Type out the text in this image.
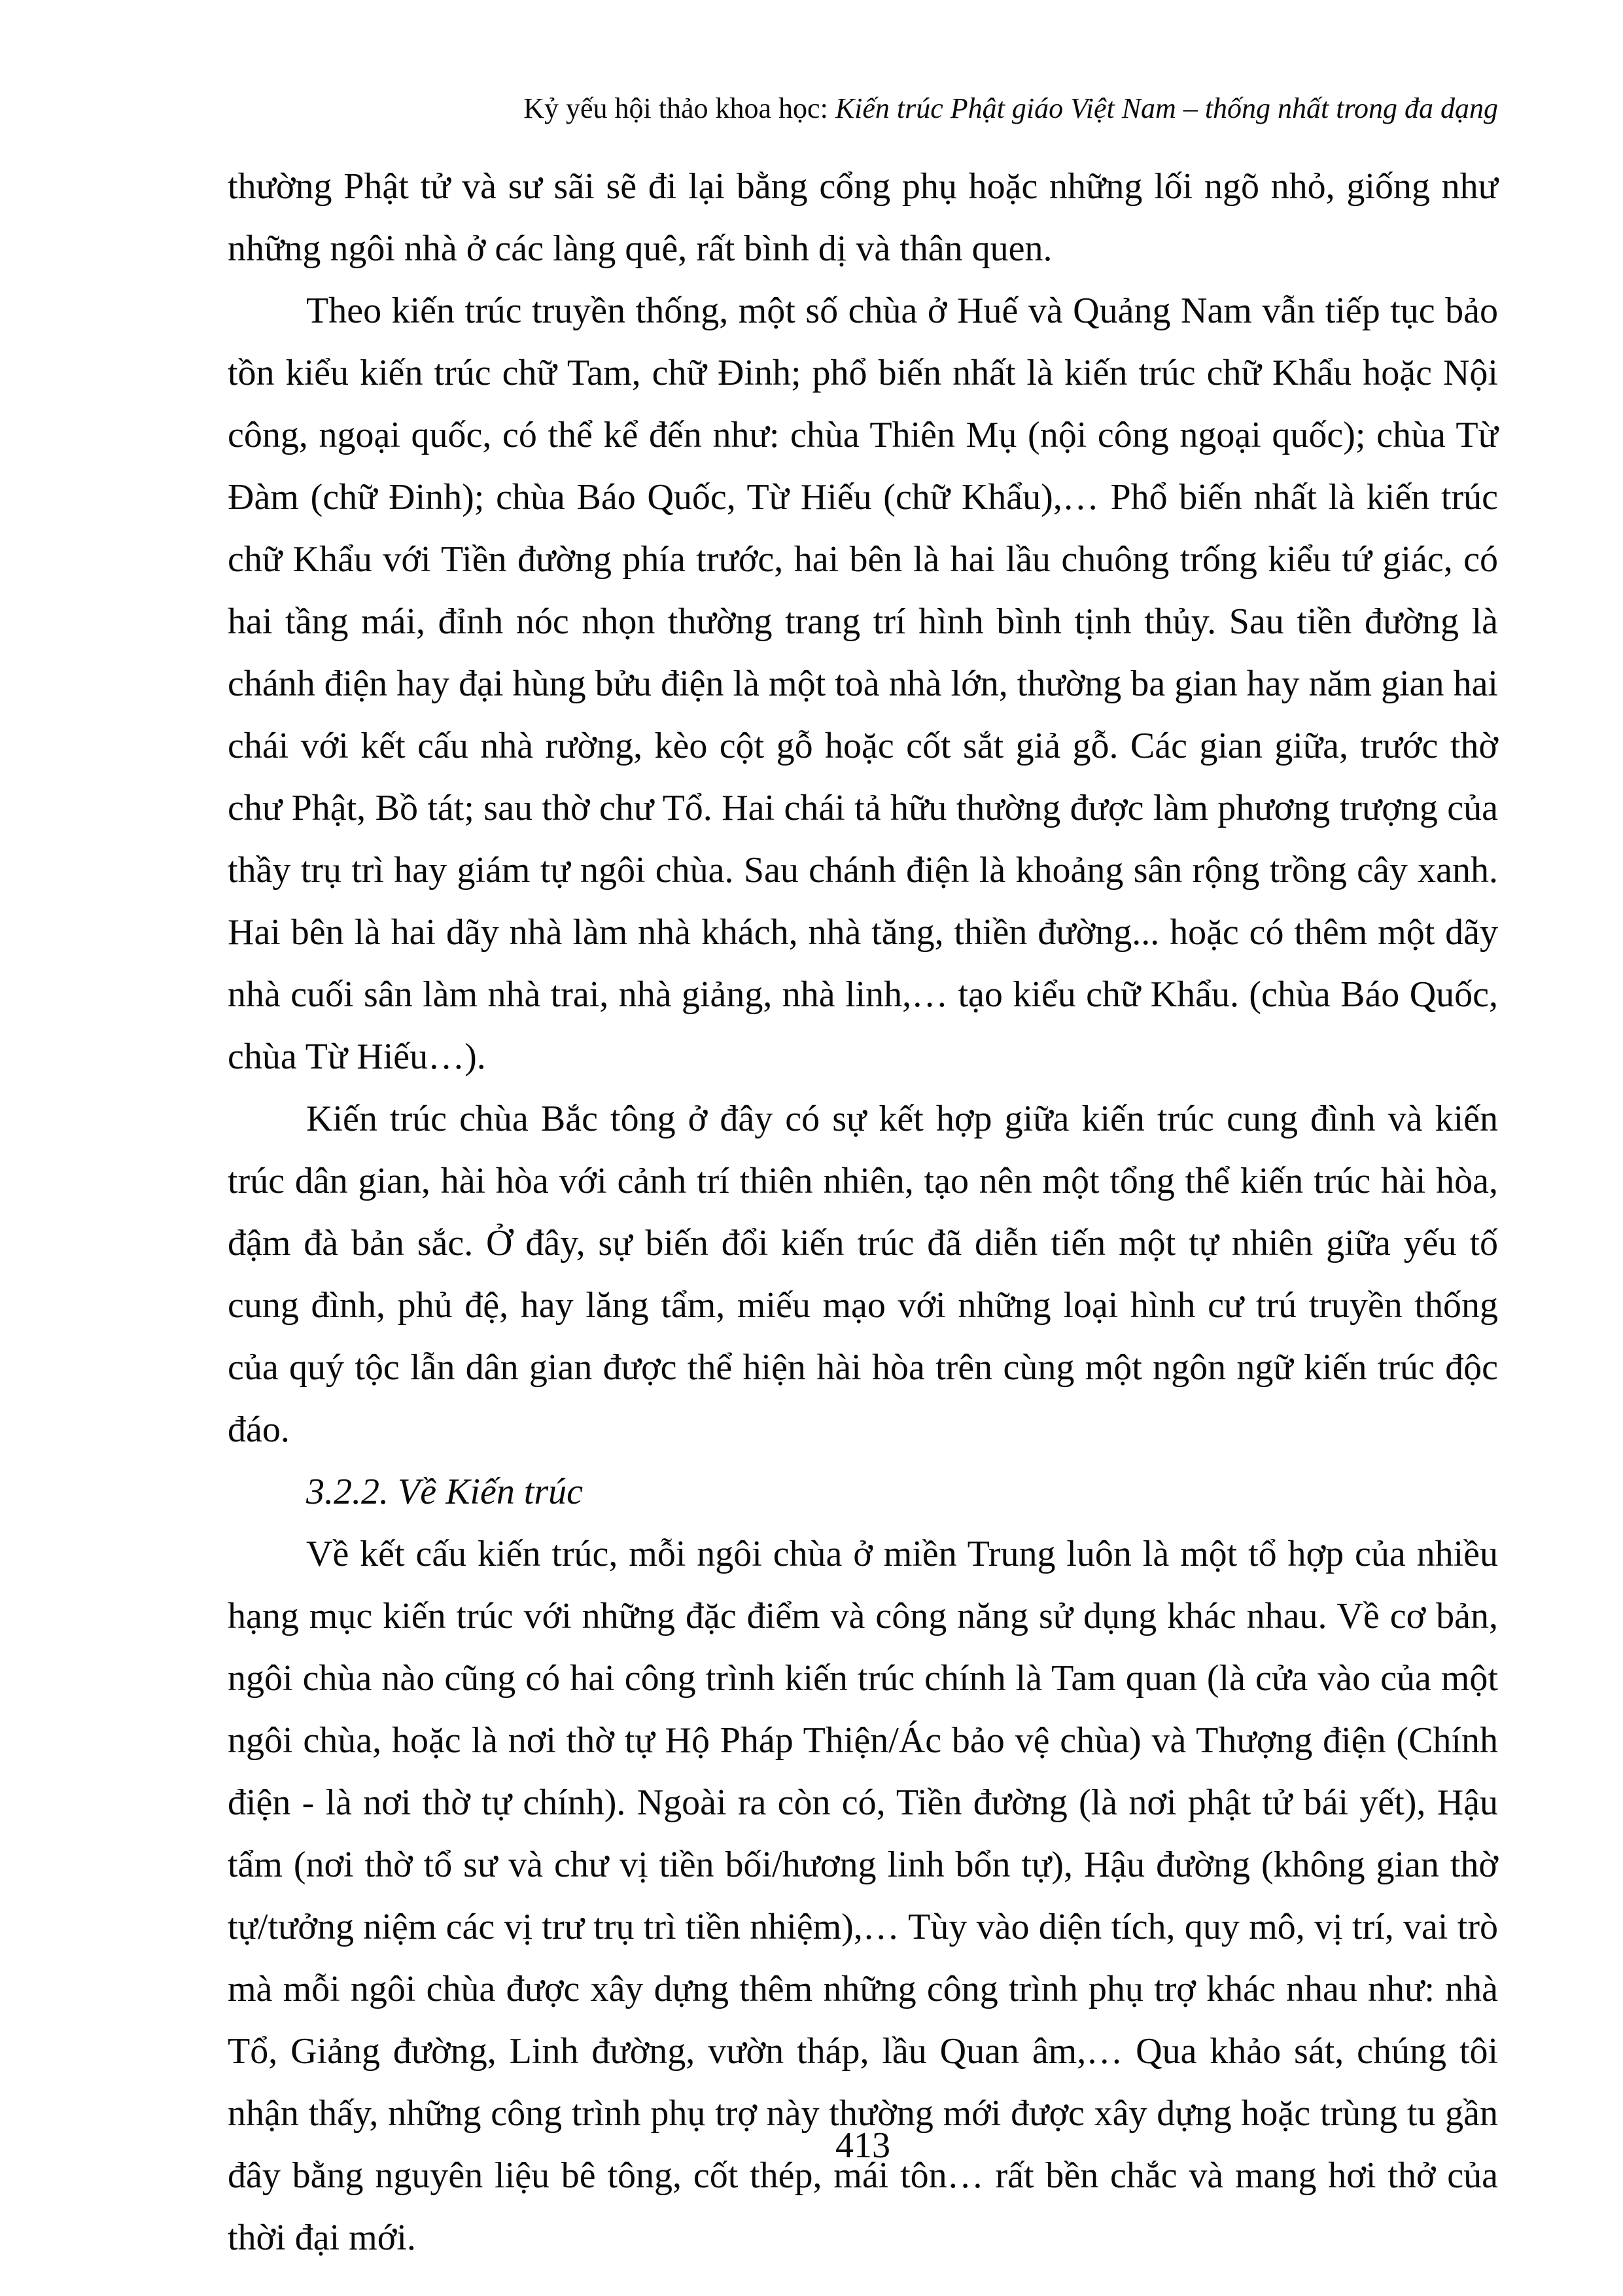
Kỷ yếu hội thảo khoa học: Kiến trúc Phật giáo Việt Nam – thống nhất trong đa dạng

thường Phật tử và sư sãi sẽ đi lại bằng cổng phụ hoặc những lối ngõ nhỏ, giống như những ngôi nhà ở các làng quê, rất bình dị và thân quen.

Theo kiến trúc truyền thống, một số chùa ở Huế và Quảng Nam vẫn tiếp tục bảo tồn kiểu kiến trúc chữ Tam, chữ Đinh; phổ biến nhất là kiến trúc chữ Khẩu hoặc Nội công, ngoại quốc, có thể kể đến như: chùa Thiên Mụ (nội công ngoại quốc); chùa Từ Đàm (chữ Đinh); chùa Báo Quốc, Từ Hiếu (chữ Khẩu),… Phổ biến nhất là kiến trúc chữ Khẩu với Tiền đường phía trước, hai bên là hai lầu chuông trống kiểu tứ giác, có hai tầng mái, đỉnh nóc nhọn thường trang trí hình bình tịnh thủy. Sau tiền đường là chánh điện hay đại hùng bửu điện là một toà nhà lớn, thường ba gian hay năm gian hai chái với kết cấu nhà rường, kèo cột gỗ hoặc cốt sắt giả gỗ. Các gian giữa, trước thờ chư Phật, Bồ tát; sau thờ chư Tổ. Hai chái tả hữu thường được làm phương trượng của thầy trụ trì hay giám tự ngôi chùa. Sau chánh điện là khoảng sân rộng trồng cây xanh. Hai bên là hai dãy nhà làm nhà khách, nhà tăng, thiền đường... hoặc có thêm một dãy nhà cuối sân làm nhà trai, nhà giảng, nhà linh,… tạo kiểu chữ Khẩu. (chùa Báo Quốc, chùa Từ Hiếu…).

Kiến trúc chùa Bắc tông ở đây có sự kết hợp giữa kiến trúc cung đình và kiến trúc dân gian, hài hòa với cảnh trí thiên nhiên, tạo nên một tổng thể kiến trúc hài hòa, đậm đà bản sắc. Ở đây, sự biến đổi kiến trúc đã diễn tiến một tự nhiên giữa yếu tố cung đình, phủ đệ, hay lăng tẩm, miếu mạo với những loại hình cư trú truyền thống của quý tộc lẫn dân gian được thể hiện hài hòa trên cùng một ngôn ngữ kiến trúc độc đáo.

3.2.2. Về Kiến trúc

Về kết cấu kiến trúc, mỗi ngôi chùa ở miền Trung luôn là một tổ hợp của nhiều hạng mục kiến trúc với những đặc điểm và công năng sử dụng khác nhau. Về cơ bản, ngôi chùa nào cũng có hai công trình kiến trúc chính là Tam quan (là cửa vào của một ngôi chùa, hoặc là nơi thờ tự Hộ Pháp Thiện/Ác bảo vệ chùa) và Thượng điện (Chính điện - là nơi thờ tự chính). Ngoài ra còn có, Tiền đường (là nơi phật tử bái yết), Hậu tẩm (nơi thờ tổ sư và chư vị tiền bối/hương linh bổn tự), Hậu đường (không gian thờ tự/tưởng niệm các vị trư trụ trì tiền nhiệm),… Tùy vào diện tích, quy mô, vị trí, vai trò mà mỗi ngôi chùa được xây dựng thêm những công trình phụ trợ khác nhau như: nhà Tổ, Giảng đường, Linh đường, vườn tháp, lầu Quan âm,… Qua khảo sát, chúng tôi nhận thấy, những công trình phụ trợ này thường mới được xây dựng hoặc trùng tu gần đây bằng nguyên liệu bê tông, cốt thép, mái tôn… rất bền chắc và mang hơi thở của thời đại mới.

413
